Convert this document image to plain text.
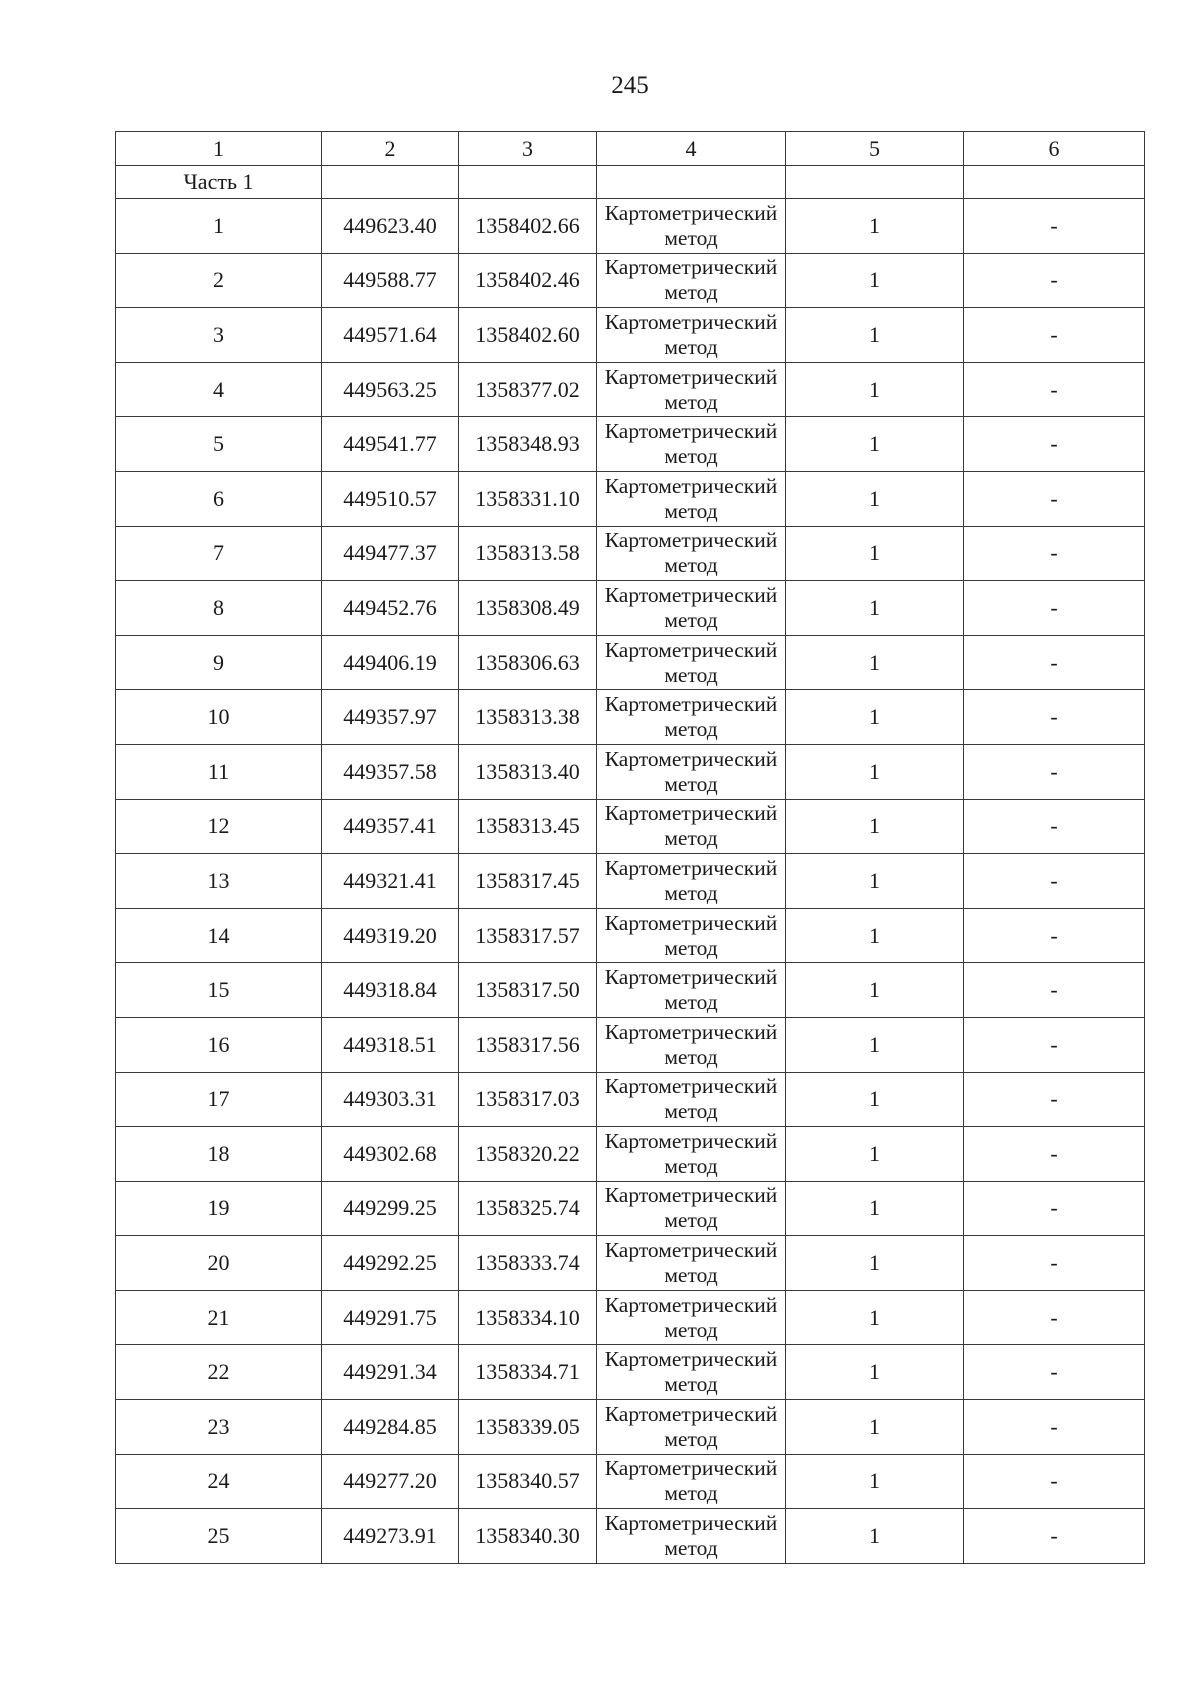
245
1	2	3	4	5	6
Часть 1					
1	449623.40	1358402.66	Картометрический метод	1	-
2	449588.77	1358402.46	Картометрический метод	1	-
3	449571.64	1358402.60	Картометрический метод	1	-
4	449563.25	1358377.02	Картометрический метод	1	-
5	449541.77	1358348.93	Картометрический метод	1	-
6	449510.57	1358331.10	Картометрический метод	1	-
7	449477.37	1358313.58	Картометрический метод	1	-
8	449452.76	1358308.49	Картометрический метод	1	-
9	449406.19	1358306.63	Картометрический метод	1	-
10	449357.97	1358313.38	Картометрический метод	1	-
11	449357.58	1358313.40	Картометрический метод	1	-
12	449357.41	1358313.45	Картометрический метод	1	-
13	449321.41	1358317.45	Картометрический метод	1	-
14	449319.20	1358317.57	Картометрический метод	1	-
15	449318.84	1358317.50	Картометрический метод	1	-
16	449318.51	1358317.56	Картометрический метод	1	-
17	449303.31	1358317.03	Картометрический метод	1	-
18	449302.68	1358320.22	Картометрический метод	1	-
19	449299.25	1358325.74	Картометрический метод	1	-
20	449292.25	1358333.74	Картометрический метод	1	-
21	449291.75	1358334.10	Картометрический метод	1	-
22	449291.34	1358334.71	Картометрический метод	1	-
23	449284.85	1358339.05	Картометрический метод	1	-
24	449277.20	1358340.57	Картометрический метод	1	-
25	449273.91	1358340.30	Картометрический метод	1	-
